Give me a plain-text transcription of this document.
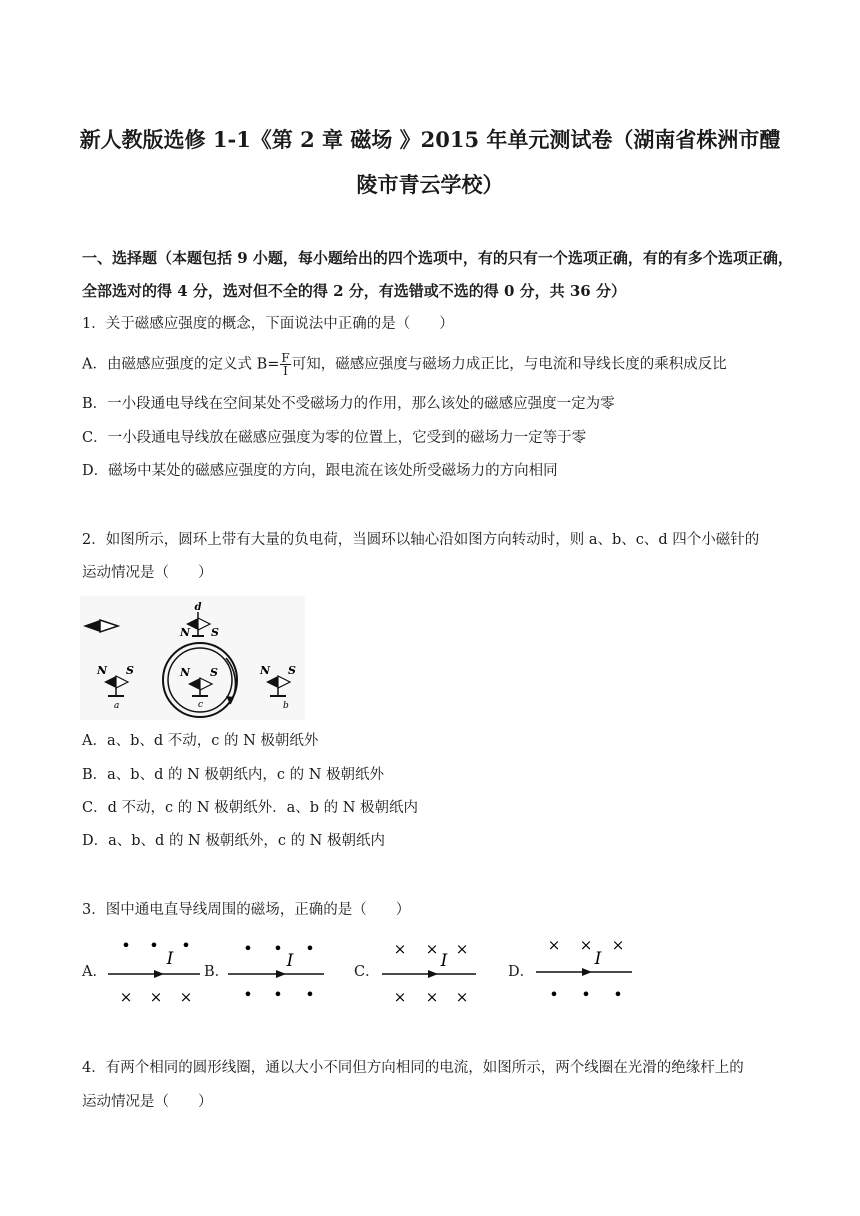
新人教版选修 1-1《第 2 章 磁场 》2015 年单元测试卷（湖南省株洲市醴
陵市青云学校）
一、选择题（本题包括 9 小题，每小题给出的四个选项中，有的只有一个选项正确，有的有多个选项正确，
全部选对的得 4 分，选对但不全的得 2 分，有选错或不选的得 0 分，共 36 分）
1．关于磁感应强度的概念，下面说法中正确的是（　　）
A．由磁感应强度的定义式 $B= \frac{F}{I}$ 可知，磁感应强度与磁场力成正比，与电流和导线长度的乘积成反比
B．一小段通电导线在空间某处不受磁场力的作用，那么该处的磁感应强度一定为零
C．一小段通电导线放在磁感应强度为零的位置上，它受到的磁场力一定等于零
D．磁场中某处的磁感应强度的方向，跟电流在该处所受磁场力的方向相同
2．如图所示，圆环上带有大量的负电荷，当圆环以轴心沿如图方向转动时，则 a、b、c、d 四个小磁针的
运动情况是（　　）
d
N S
N S
a
N S
c
N S
b
A．a、b、d 不动，c 的 N 极朝纸外
B．a、b、d 的 N 极朝纸内，c 的 N 极朝纸外
C．d 不动，c 的 N 极朝纸外．a、b 的 N 极朝纸内
D．a、b、d 的 N 极朝纸外，c 的 N 极朝纸内
3．图中通电直导线周围的磁场，正确的是（　　）
A．
• • •
I
× × ×
B．
• • •
I
• • •
C．
× × ×
I
× × ×
D．
× × ×
I
• • •
4．有两个相同的圆形线圈，通以大小不同但方向相同的电流，如图所示，两个线圈在光滑的绝缘杆上的
运动情况是（　　）
